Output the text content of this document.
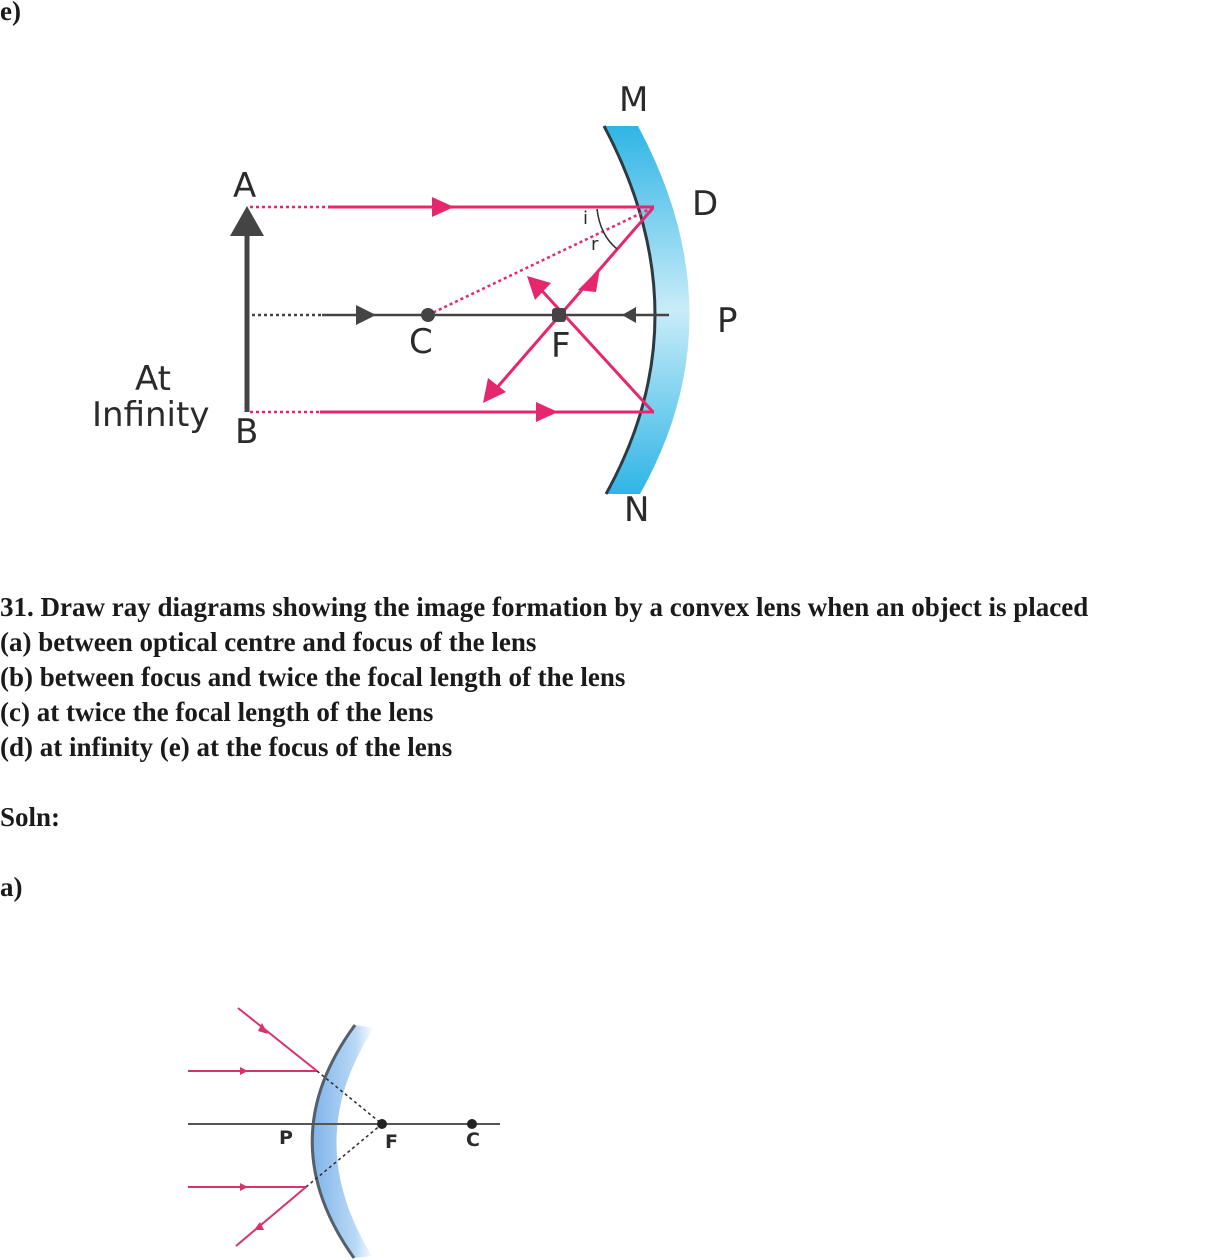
e)
M
D
P
N
A
B
C	F
i
r
At
Infinity
31. Draw ray diagrams showing the image formation by a convex lens when an object is placed
(a) between optical centre and focus of the lens
(b) between focus and twice the focal length of the lens
(c) at twice the focal length of the lens
(d) at infinity (e) at the focus of the lens
Soln:
a)
P	F	C
